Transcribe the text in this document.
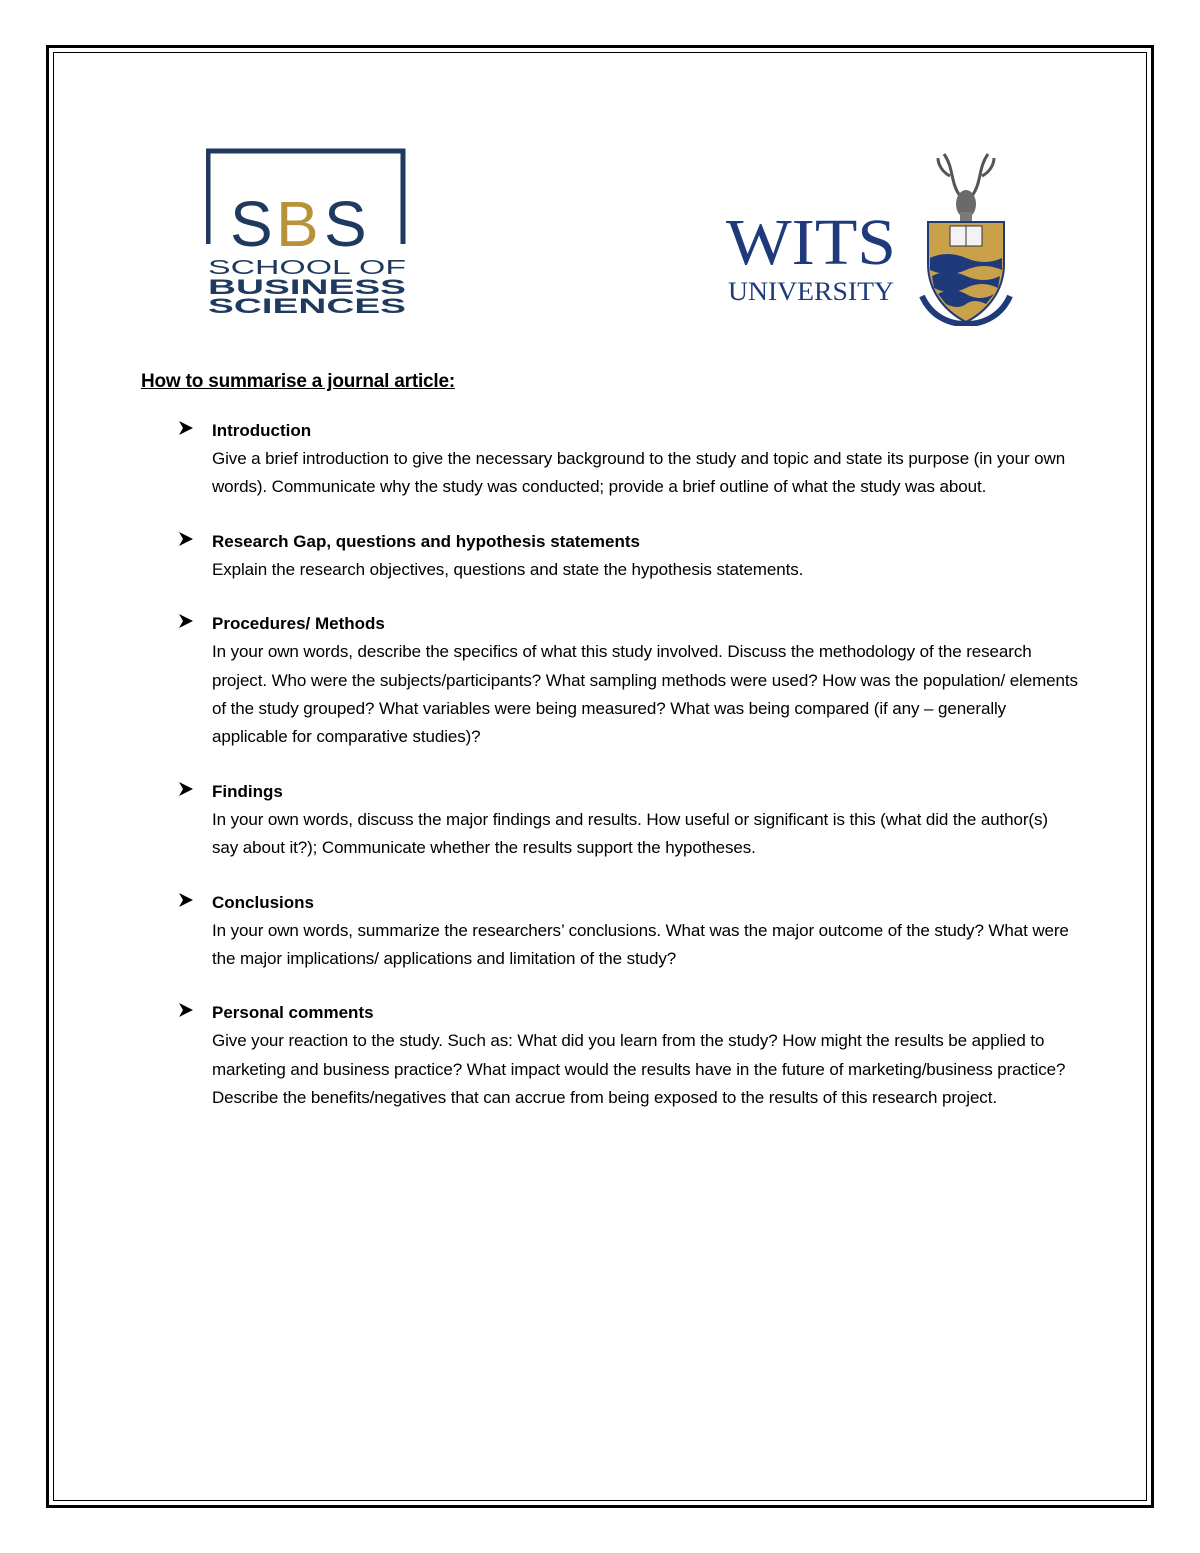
S B S
SCHOOL OF
BUSINESS
SCIENCES
WITS
UNIVERSITY
How to summarise a journal article:
Introduction
Give a brief introduction to give the necessary background to the study and topic and state its purpose (in your own words). Communicate why the study was conducted; provide a brief outline of what the study was about.
Research Gap, questions and hypothesis statements
Explain the research objectives, questions and state the hypothesis statements.
Procedures/ Methods
In your own words, describe the specifics of what this study involved. Discuss the methodology of the research project. Who were the subjects/participants? What sampling methods were used? How was the population/ elements of the study grouped? What variables were being measured? What was being compared (if any – generally applicable for comparative studies)?
Findings
In your own words, discuss the major findings and results. How useful or significant is this (what did the author(s) say about it?); Communicate whether the results support the hypotheses.
Conclusions
In your own words, summarize the researchers’ conclusions. What was the major outcome of the study? What were the major implications/ applications and limitation of the study?
Personal comments
Give your reaction to the study. Such as: What did you learn from the study? How might the results be applied to marketing and business practice? What impact would the results have in the future of marketing/business practice? Describe the benefits/negatives that can accrue from being exposed to the results of this research project.
